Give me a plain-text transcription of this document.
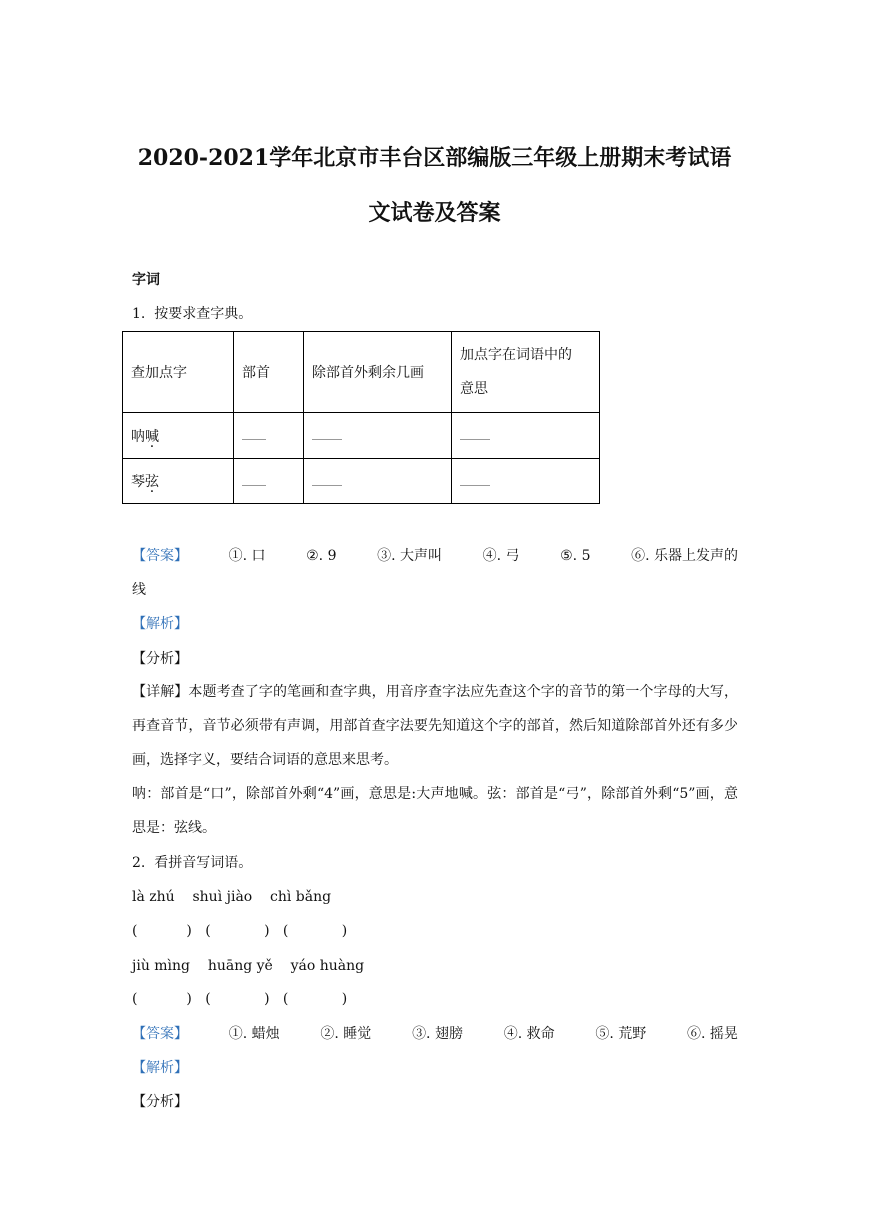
2020-2021学年北京市丰台区部编版三年级上册期末考试语
文试卷及答案
字词
1.  按要求查字典。
查加点字	部首	除部首外剩余几画	加点字在词语中的
意思

呐喊			
琴弦			
【答案】	①. 口	②. 9	③. 大声叫	④. 弓	⑤. 5	⑥. 乐器上发声的
线
【解析】
【分析】
【详解】本题考查了字的笔画和查字典，用音序查字法应先查这个字的音节的第一个字母的大写，再查音节，音节必须带有声调，用部首查字法要先知道这个字的部首，然后知道除部首外还有多少画，选择字义，要结合词语的意思来思考。
呐：部首是“口”，除部首外剩“4”画，意思是:大声地喊。弦：部首是“弓”，除部首外剩“5”画，意思是：弦线。
2.  看拼音写词语。
là zhú    shuì jiào    chì bǎng
(           )   (            )   (            )
jiù mìng    huāng yě    yáo huàng
(           )   (            )   (            )
【答案】	①. 蜡烛	②. 睡觉	③. 翅膀	④. 救命	⑤. 荒野	⑥. 摇晃
【解析】
【分析】
